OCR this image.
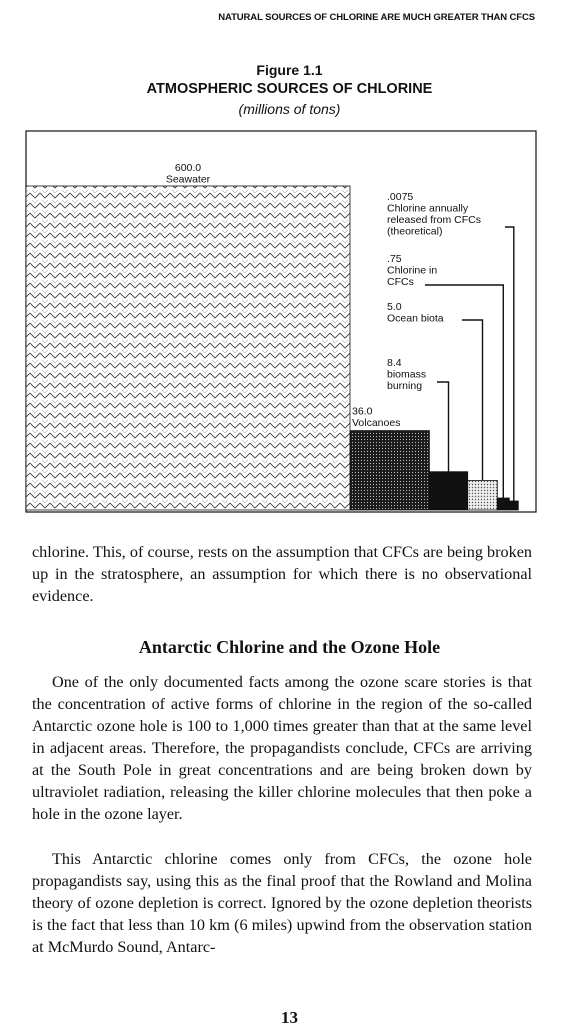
NATURAL SOURCES OF CHLORINE ARE MUCH GREATER THAN CFCS
Figure 1.1
ATMOSPHERIC SOURCES OF CHLORINE
(millions of tons)
600.0 Seawater
36.0 Volcanoes
.0075 Chlorine annually released from CFCs (theoretical)
.75 Chlorine in CFCs
5.0 Ocean biota
8.4 biomass burning

chlorine. This, of course, rests on the assumption that CFCs are being broken up in the stratosphere, an assumption for which there is no observational evidence.

Antarctic Chlorine and the Ozone Hole

One of the only documented facts among the ozone scare stories is that the concentration of active forms of chlorine in the region of the so-called Antarctic ozone hole is 100 to 1,000 times greater than that at the same level in adjacent areas. Therefore, the propagandists conclude, CFCs are arriving at the South Pole in great concentrations and are being broken down by ultraviolet radiation, releasing the killer chlorine molecules that then poke a hole in the ozone layer.

This Antarctic chlorine comes only from CFCs, the ozone hole propagandists say, using this as the final proof that the Rowland and Molina theory of ozone depletion is correct. Ignored by the ozone depletion theorists is the fact that less than 10 km (6 miles) upwind from the observation station at McMurdo Sound, Antarc-

13
